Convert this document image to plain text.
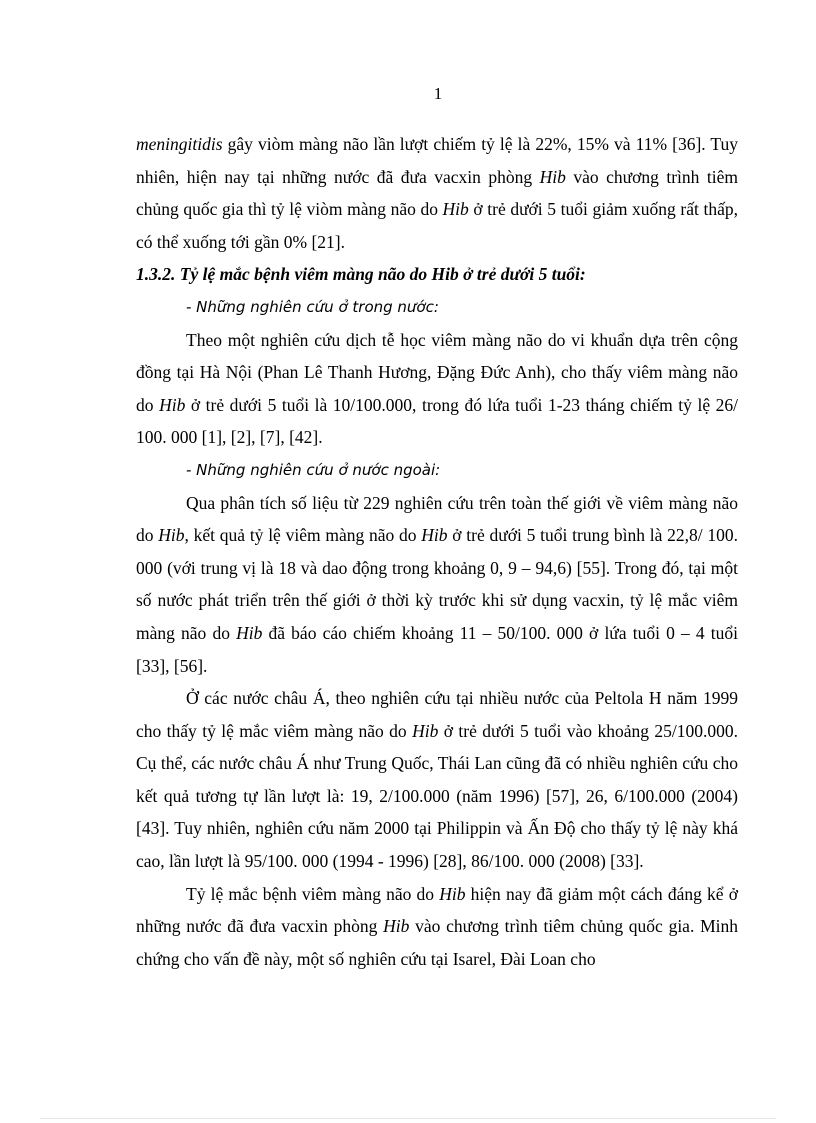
1

meningitidis gây viòm màng não lần lượt chiếm tỷ lệ là 22%, 15% và 11% [36]. Tuy nhiên, hiện nay tại những nước đã đưa vacxin phòng Hib vào chương trình tiêm chủng quốc gia thì tỷ lệ viòm màng não do Hib ở trẻ dưới 5 tuổi giảm xuống rất thấp, có thể xuống tới gần 0% [21].

1.3.2. Tỷ lệ mắc bệnh viêm màng não do Hib ở trẻ dưới 5 tuổi:

- Những nghiên cứu ở trong nước:

Theo một nghiên cứu dịch tễ học viêm màng não do vi khuẩn dựa trên cộng đồng tại Hà Nội (Phan Lê Thanh Hương, Đặng Đức Anh), cho thấy viêm màng não do Hib ở trẻ dưới 5 tuổi là 10/100.000, trong đó lứa tuổi 1-23 tháng chiếm tỷ lệ 26/ 100. 000 [1], [2], [7], [42].

- Những nghiên cứu ở nước ngoài:

Qua phân tích số liệu từ 229 nghiên cứu trên toàn thế giới về viêm màng não do Hib, kết quả tỷ lệ viêm màng não do Hib ở trẻ dưới 5 tuổi trung bình là 22,8/ 100. 000 (với trung vị là 18 và dao động trong khoảng 0, 9 – 94,6) [55]. Trong đó, tại một số nước phát triển trên thế giới ở thời kỳ trước khi sử dụng vacxin, tỷ lệ mắc viêm màng não do Hib đã báo cáo chiếm khoảng 11 – 50/100. 000 ở lứa tuổi 0 – 4 tuổi [33], [56].

Ở các nước châu Á, theo nghiên cứu tại nhiều nước của Peltola H năm 1999 cho thấy tỷ lệ mắc viêm màng não do Hib ở trẻ dưới 5 tuổi vào khoảng 25/100.000. Cụ thể, các nước châu Á như Trung Quốc, Thái Lan cũng đã có nhiều nghiên cứu cho kết quả tương tự lần lượt là: 19, 2/100.000 (năm 1996) [57], 26, 6/100.000 (2004) [43]. Tuy nhiên, nghiên cứu năm 2000 tại Philippin và Ấn Độ cho thấy tỷ lệ này khá cao, lần lượt là 95/100. 000 (1994 - 1996) [28], 86/100. 000 (2008) [33].

Tỷ lệ mắc bệnh viêm màng não do Hib hiện nay đã giảm một cách đáng kể ở những nước đã đưa vacxin phòng Hib vào chương trình tiêm chủng quốc gia. Minh chứng cho vấn đề này, một số nghiên cứu tại Isarel, Đài Loan cho
